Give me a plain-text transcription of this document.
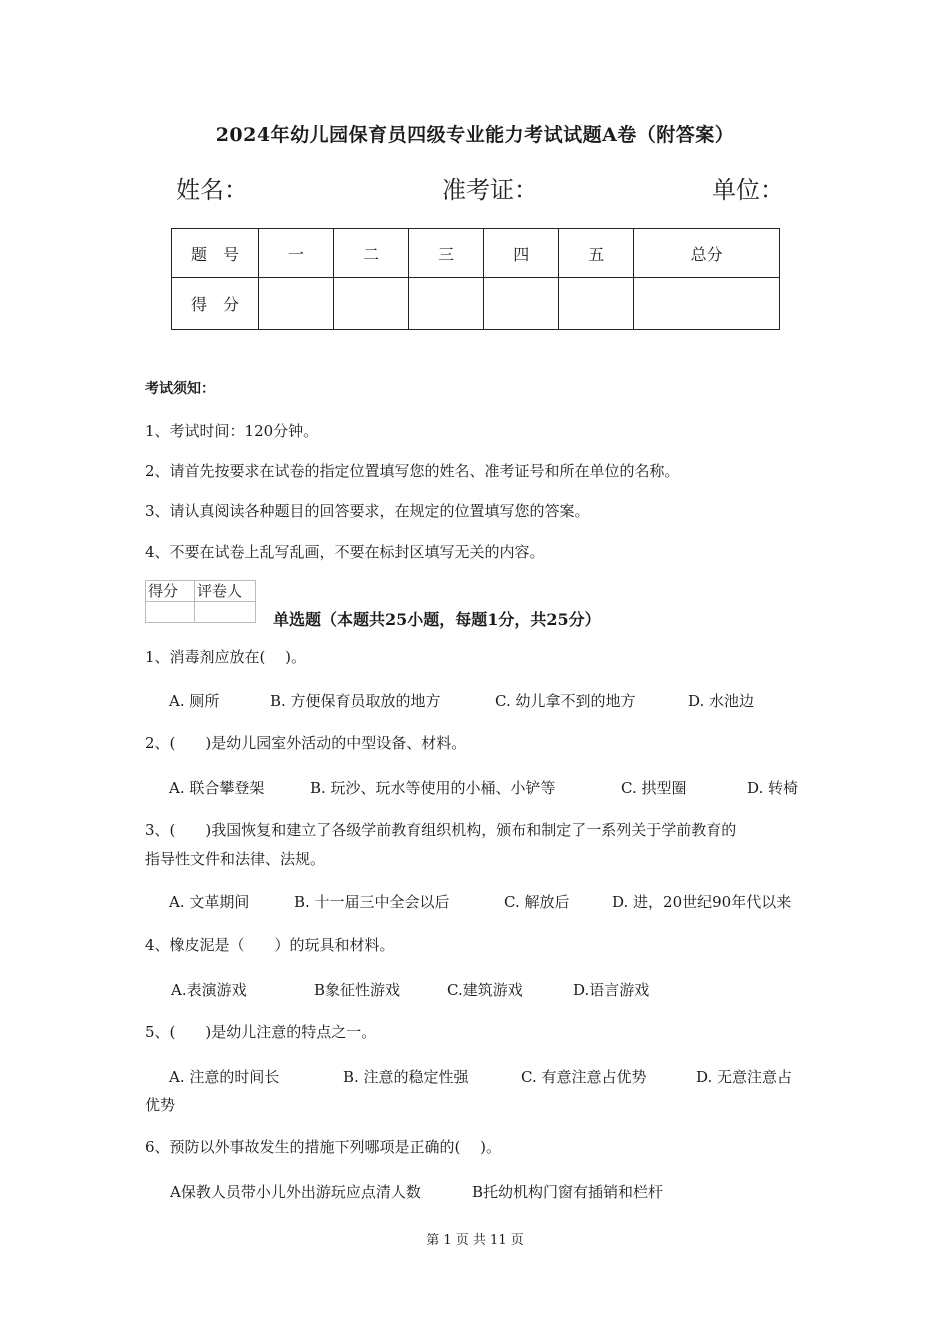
2024年幼儿园保育员四级专业能力考试试题A卷（附答案）
姓名：	准考证：	单位：
题　号	一	二	三	四	五	总分
得　分						
考试须知：
1、考试时间：120分钟。
2、请首先按要求在试卷的指定位置填写您的姓名、准考证号和所在单位的名称。
3、请认真阅读各种题目的回答要求，在规定的位置填写您的答案。
4、不要在试卷上乱写乱画，不要在标封区填写无关的内容。
得分	评卷人

单选题（本题共25小题，每题1分，共25分）
1、消毒剂应放在(　 )。
A. 厕所	B. 方便保育员取放的地方	C. 幼儿拿不到的地方	D. 水池边
2、(　　)是幼儿园室外活动的中型设备、材料。
A. 联合攀登架	B. 玩沙、玩水等使用的小桶、小铲等	C. 拱型圈	D. 转椅
3、(　　)我国恢复和建立了各级学前教育组织机构，颁布和制定了一系列关于学前教育的
指导性文件和法律、法规。
A. 文革期间	B. 十一届三中全会以后	C. 解放后	D. 进，20世纪90年代以来
4、橡皮泥是（　　）的玩具和材料。
A.表演游戏	B象征性游戏	C.建筑游戏	D.语言游戏
5、(　　)是幼儿注意的特点之一。
A. 注意的时间长	B. 注意的稳定性强	C. 有意注意占优势	D. 无意注意占
优势
6、预防以外事故发生的措施下列哪项是正确的(　 )。
A保教人员带小儿外出游玩应点清人数	B托幼机构门窗有插销和栏杆
第 1 页 共 11 页
